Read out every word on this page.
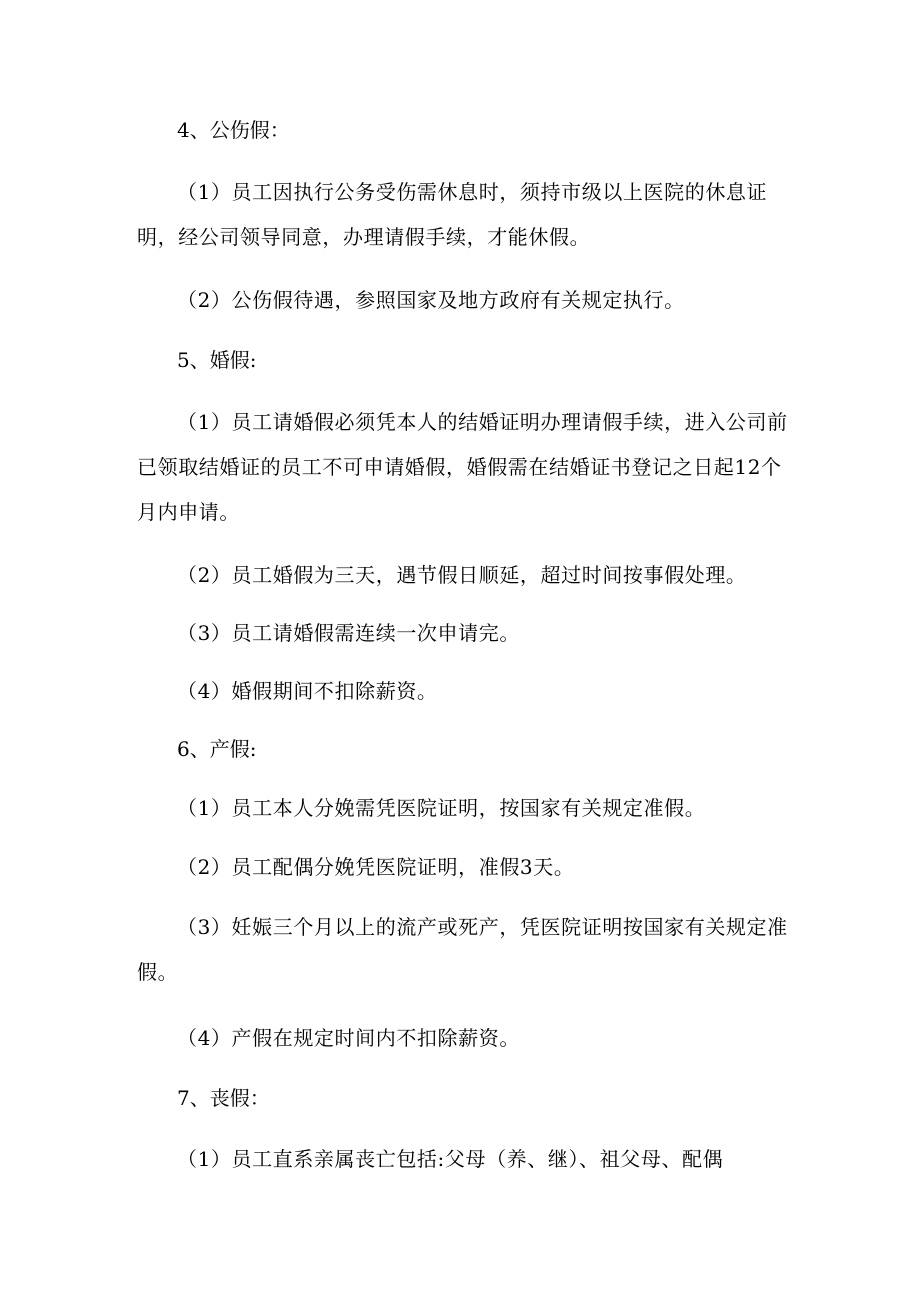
4、公伤假：

（1）员工因执行公务受伤需休息时，须持市级以上医院的休息证明，经公司领导同意，办理请假手续，才能休假。

（2）公伤假待遇，参照国家及地方政府有关规定执行。

5、婚假:

（1）员工请婚假必须凭本人的结婚证明办理请假手续，进入公司前已领取结婚证的员工不可申请婚假，婚假需在结婚证书登记之日起12个月内申请。

（2）员工婚假为三天，遇节假日顺延，超过时间按事假处理。

（3）员工请婚假需连续一次申请完。

（4）婚假期间不扣除薪资。

6、产假:

（1）员工本人分娩需凭医院证明，按国家有关规定准假。

（2）员工配偶分娩凭医院证明，准假3天。

（3）妊娠三个月以上的流产或死产，凭医院证明按国家有关规定准假。

（4）产假在规定时间内不扣除薪资。

7、丧假：

（1）员工直系亲属丧亡包括:父母（养、继）、祖父母、配偶
